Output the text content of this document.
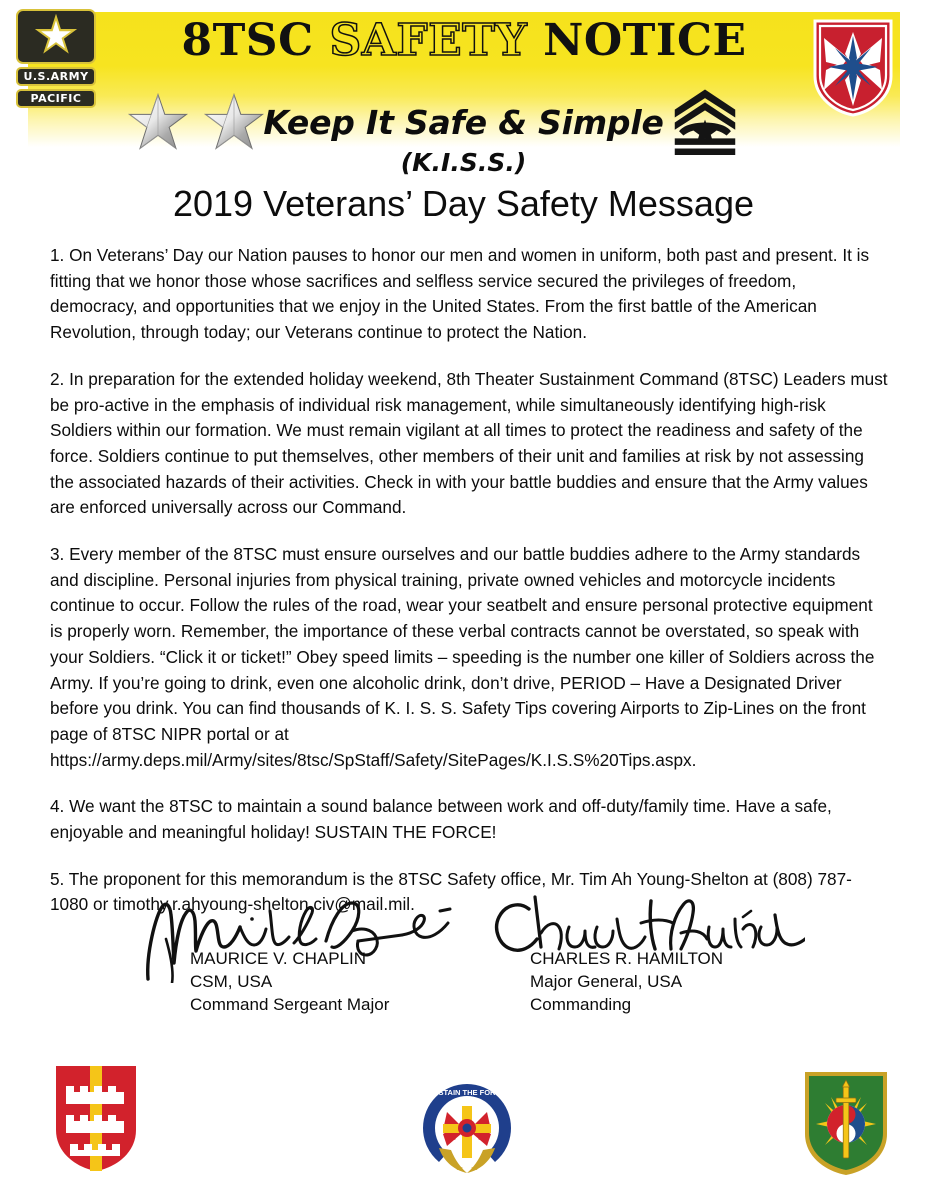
8TSC SAFETY NOTICE
U.S.ARMY
PACIFIC
Keep It Safe & Simple
(K.I.S.S.)
2019 Veterans’ Day Safety Message

1. On Veterans’ Day our Nation pauses to honor our men and women in uniform, both past and present. It is fitting that we honor those whose sacrifices and selfless service secured the privileges of freedom, democracy, and opportunities that we enjoy in the United States. From the first battle of the American Revolution, through today; our Veterans continue to protect the Nation.

2. In preparation for the extended holiday weekend, 8th Theater Sustainment Command (8TSC) Leaders must be pro-active in the emphasis of individual risk management, while simultaneously identifying high-risk Soldiers within our formation. We must remain vigilant at all times to protect the readiness and safety of the force. Soldiers continue to put themselves, other members of their unit and families at risk by not assessing the associated hazards of their activities. Check in with your battle buddies and ensure that the Army values are enforced universally across our Command.

3. Every member of the 8TSC must ensure ourselves and our battle buddies adhere to the Army standards and discipline. Personal injuries from physical training, private owned vehicles and motorcycle incidents continue to occur. Follow the rules of the road, wear your seatbelt and ensure personal protective equipment is properly worn. Remember, the importance of these verbal contracts cannot be overstated, so speak with your Soldiers. “Click it or ticket!” Obey speed limits – speeding is the number one killer of Soldiers across the Army. If you’re going to drink, even one alcoholic drink, don’t drive, PERIOD – Have a Designated Driver before you drink. You can find thousands of K. I. S. S. Safety Tips covering Airports to Zip-Lines on the front page of 8TSC NIPR portal or at https://army.deps.mil/Army/sites/8tsc/SpStaff/Safety/SitePages/K.I.S.S%20Tips.aspx.

4. We want the 8TSC to maintain a sound balance between work and off-duty/family time. Have a safe, enjoyable and meaningful holiday! SUSTAIN THE FORCE!

5. The proponent for this memorandum is the 8TSC Safety office, Mr. Tim Ah Young-Shelton at (808) 787-1080 or timothy.r.ahyoung-shelton.civ@mail.mil.

MAURICE V. CHAPLIN
CSM, USA
Command Sergeant Major
CHARLES R. HAMILTON
Major General, USA
Commanding
SUSTAIN THE FORCE
